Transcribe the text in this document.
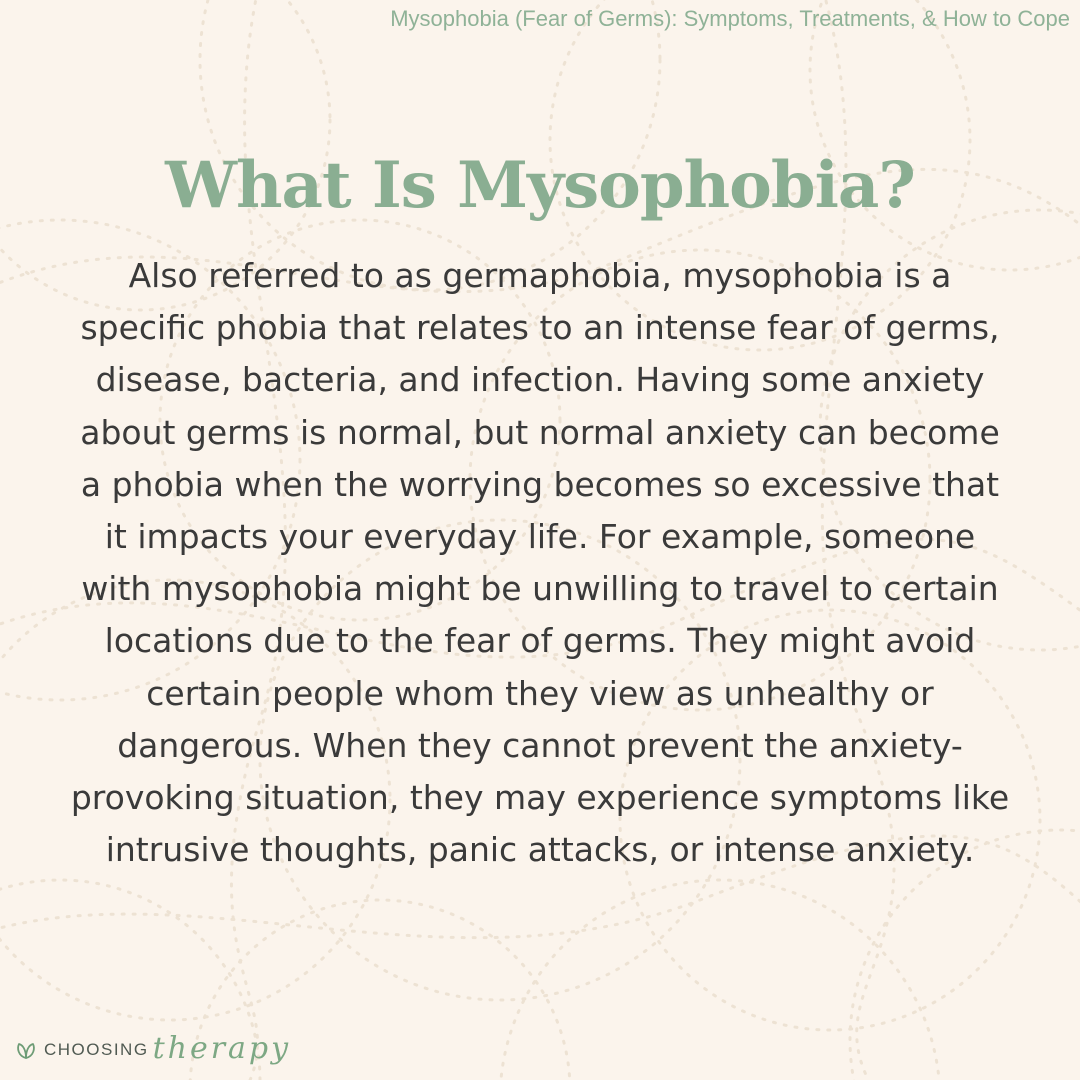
Mysophobia (Fear of Germs): Symptoms, Treatments, & How to Cope
What Is Mysophobia?

Also referred to as germaphobia, mysophobia is a specific phobia that relates to an intense fear of germs, disease, bacteria, and infection. Having some anxiety about germs is normal, but normal anxiety can become a phobia when the worrying becomes so excessive that it impacts your everyday life. For example, someone with mysophobia might be unwilling to travel to certain locations due to the fear of germs. They might avoid certain people whom they view as unhealthy or dangerous. When they cannot prevent the anxiety-provoking situation, they may experience symptoms like intrusive thoughts, panic attacks, or intense anxiety.

CHOOSING therapy
